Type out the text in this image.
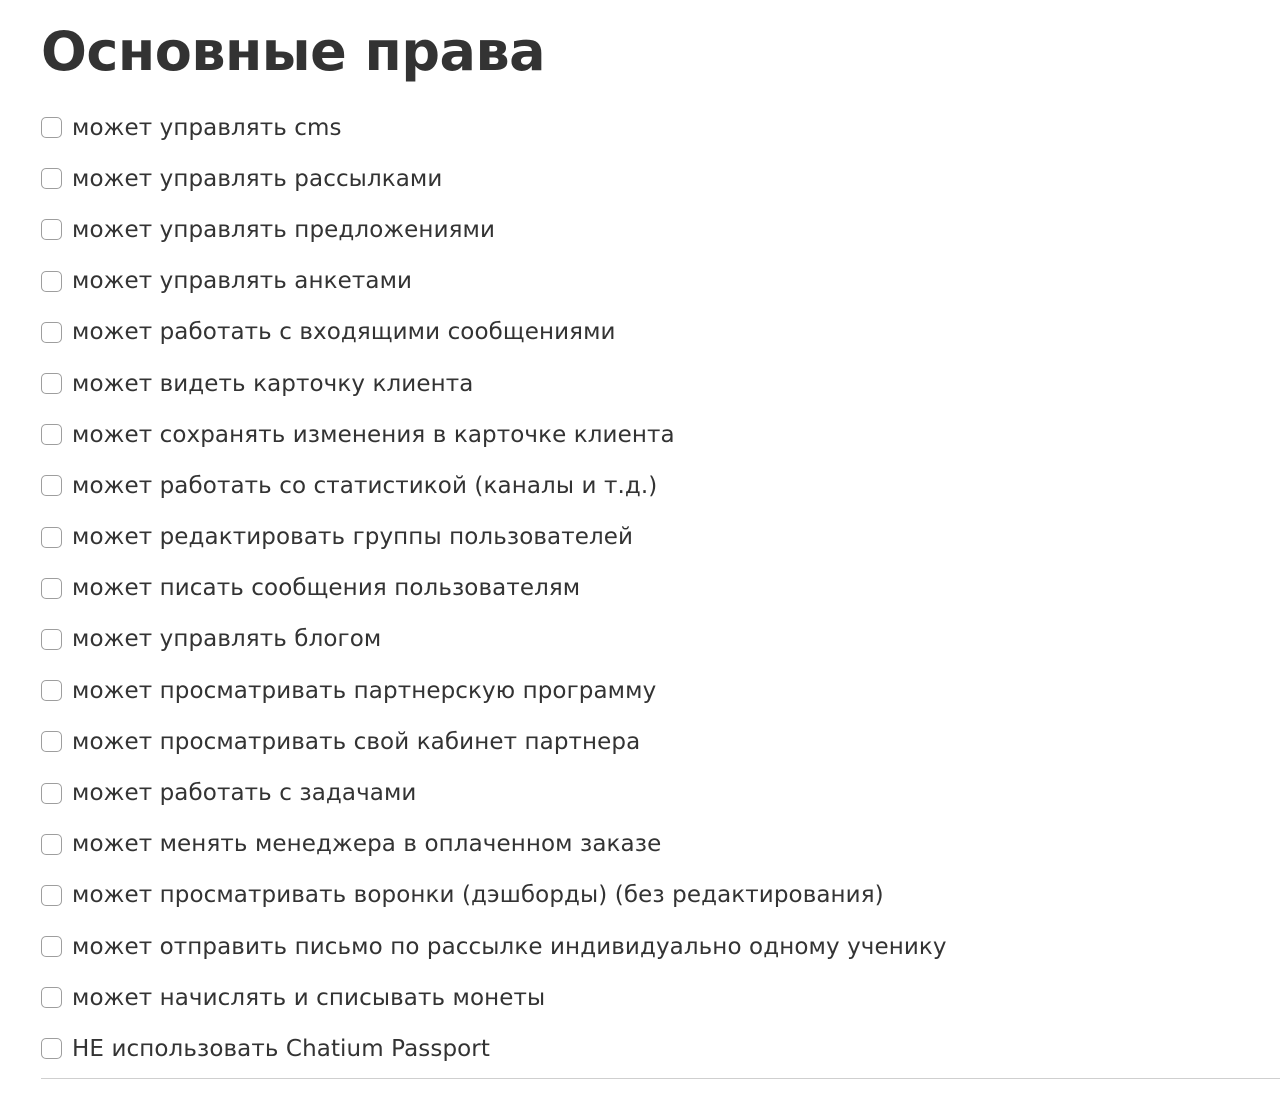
Основные права
может управлять cms
может управлять рассылками
может управлять предложениями
может управлять анкетами
может работать с входящими сообщениями
может видеть карточку клиента
может сохранять изменения в карточке клиента
может работать со статистикой (каналы и т.д.)
может редактировать группы пользователей
может писать сообщения пользователям
может управлять блогом
может просматривать партнерскую программу
может просматривать свой кабинет партнера
может работать с задачами
может менять менеджера в оплаченном заказе
может просматривать воронки (дэшборды) (без редактирования)
может отправить письмо по рассылке индивидуально одному ученику
может начислять и списывать монеты
НЕ использовать Chatium Passport
